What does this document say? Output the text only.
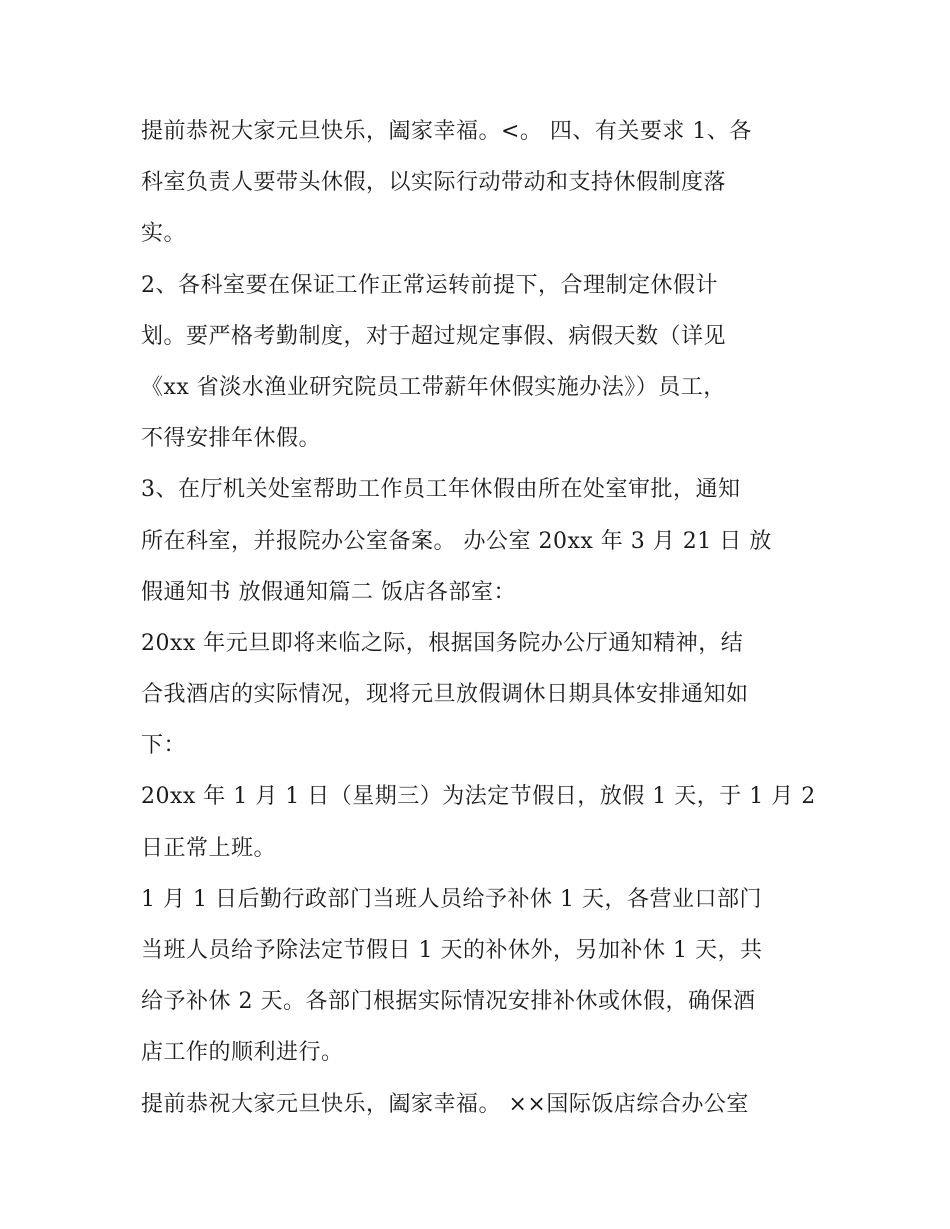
提前恭祝大家元旦快乐，阖家幸福。<。 四、有关要求 1、各
科室负责人要带头休假，以实际行动带动和支持休假制度落
实。
2、各科室要在保证工作正常运转前提下，合理制定休假计
划。要严格考勤制度，对于超过规定事假、病假天数（详见
《xx 省淡水渔业研究院员工带薪年休假实施办法》）员工，
不得安排年休假。
3、在厅机关处室帮助工作员工年休假由所在处室审批，通知
所在科室，并报院办公室备案。 办公室 20xx 年 3 月 21 日 放
假通知书 放假通知篇二 饭店各部室：
20xx 年元旦即将来临之际，根据国务院办公厅通知精神，结
合我酒店的实际情况，现将元旦放假调休日期具体安排通知如
下：
20xx 年 1 月 1 日（星期三）为法定节假日，放假 1 天，于 1 月 2
日正常上班。
1 月 1 日后勤行政部门当班人员给予补休 1 天，各营业口部门
当班人员给予除法定节假日 1 天的补休外，另加补休 1 天，共
给予补休 2 天。各部门根据实际情况安排补休或休假，确保酒
店工作的顺利进行。
提前恭祝大家元旦快乐，阖家幸福。 ××国际饭店综合办公室
